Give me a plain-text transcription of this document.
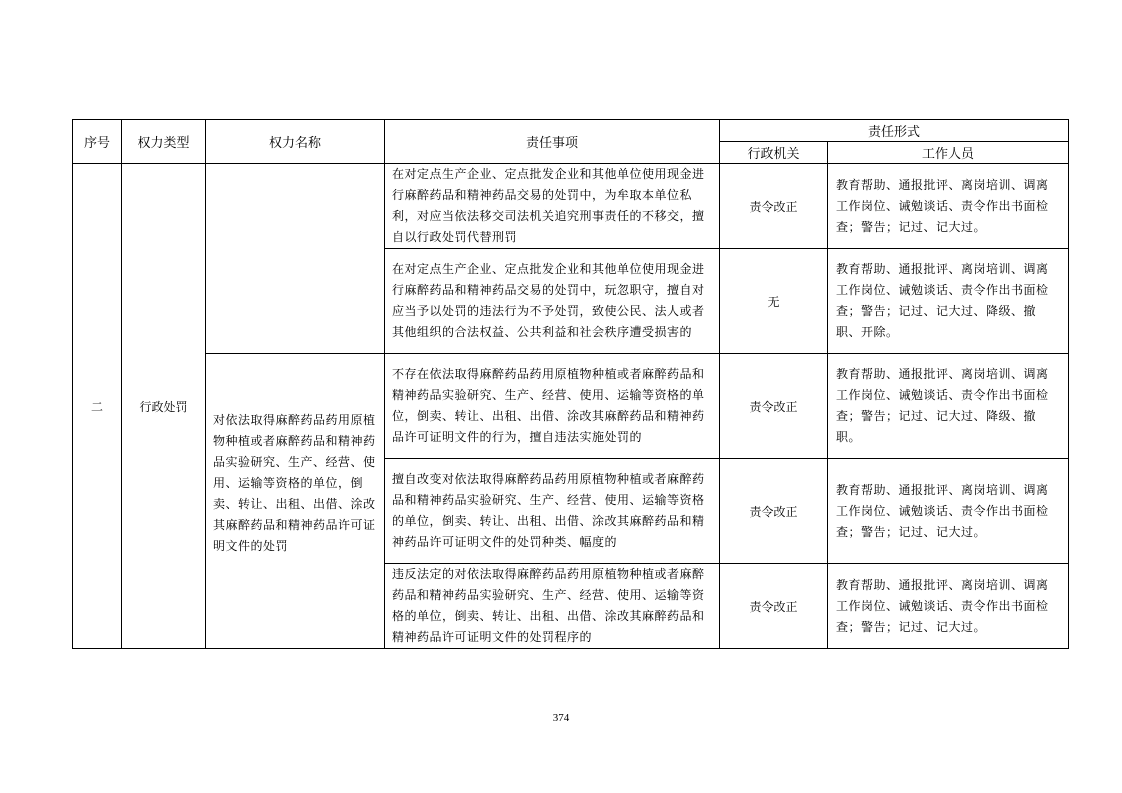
序号	权力类型	权力名称	责任事项	责任形式	
				行政机关	工作人员
二	行政处罚		在对定点生产企业、定点批发企业和其他单位使用现金进行麻醉药品和精神药品交易的处罚中，为牟取本单位私利，对应当依法移交司法机关追究刑事责任的不移交，擅自以行政处罚代替刑罚	责令改正	教育帮助、通报批评、离岗培训、调离工作岗位、诫勉谈话、责令作出书面检查；警告；记过、记大过。
			在对定点生产企业、定点批发企业和其他单位使用现金进行麻醉药品和精神药品交易的处罚中，玩忽职守，擅自对应当予以处罚的违法行为不予处罚，致使公民、法人或者其他组织的合法权益、公共利益和社会秩序遭受损害的	无	教育帮助、通报批评、离岗培训、调离工作岗位、诫勉谈话、责令作出书面检查；警告；记过、记大过、降级、撤职、开除。
		对依法取得麻醉药品药用原植物种植或者麻醉药品和精神药品实验研究、生产、经营、使用、运输等资格的单位，倒卖、转让、出租、出借、涂改其麻醉药品和精神药品许可证明文件的处罚	不存在依法取得麻醉药品药用原植物种植或者麻醉药品和精神药品实验研究、生产、经营、使用、运输等资格的单位，倒卖、转让、出租、出借、涂改其麻醉药品和精神药品许可证明文件的行为，擅自违法实施处罚的	责令改正	教育帮助、通报批评、离岗培训、调离工作岗位、诫勉谈话、责令作出书面检查；警告；记过、记大过、降级、撤职。
			擅自改变对依法取得麻醉药品药用原植物种植或者麻醉药品和精神药品实验研究、生产、经营、使用、运输等资格的单位，倒卖、转让、出租、出借、涂改其麻醉药品和精神药品许可证明文件的处罚种类、幅度的	责令改正	教育帮助、通报批评、离岗培训、调离工作岗位、诫勉谈话、责令作出书面检查；警告；记过、记大过。
			违反法定的对依法取得麻醉药品药用原植物种植或者麻醉药品和精神药品实验研究、生产、经营、使用、运输等资格的单位，倒卖、转让、出租、出借、涂改其麻醉药品和精神药品许可证明文件的处罚程序的	责令改正	教育帮助、通报批评、离岗培训、调离工作岗位、诫勉谈话、责令作出书面检查；警告；记过、记大过。
374
